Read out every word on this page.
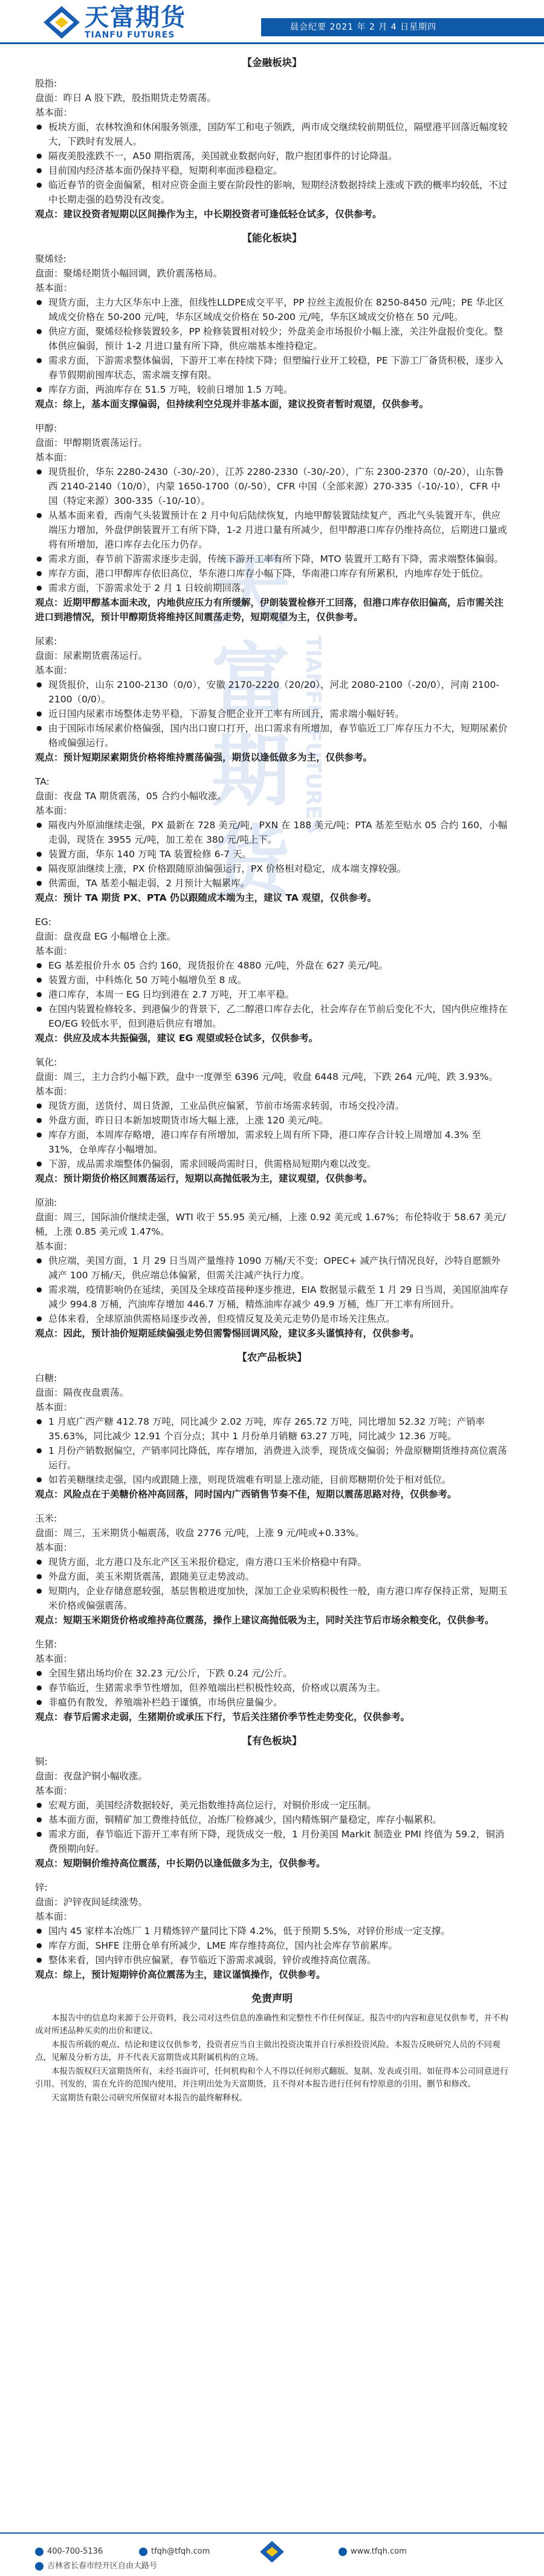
天富期货
TIANFU FUTURES
晨会纪要 2021 年 2 月 4 日星期四
天
富
期
货
TIANFU FUTURES
【金融板块】

股指:

盘面：昨日 A 股下跌，股指期货走势震荡。

基本面：

● 板块方面，农林牧渔和休闲服务领涨，国防军工和电子领跌，两市成交继续较前期低位，隔壁港平回落近幅度较大，下跌时有发展人。
● 隔夜美股涨跌不一，A50 期指震荡，美国就业数据向好，散户抱团事件的讨论降温。
● 目前国内经济基本面仍保持平稳，短期利率面涉稳稳定。
● 临近春节的资金面偏紧，相对应资金面主要在阶段性的影响，短期经济数据持续上涨或下跌的概率均较低，不过中长期走强的趋势没有改变。

观点：建议投资者短期以区间操作为主，中长期投资者可逢低轻仓试多，仅供参考。

【能化板块】

聚烯烃:

盘面：聚烯烃期货小幅回调，跌价震荡格局。

基本面：

● 现货方面，主力大区华东中上涨，但线性LLDPE成交平平，PP 拉丝主流报价在 8250-8450 元/吨；PE 华北区域成交价格在 50-200 元/吨，华东区域成交价格在 50-200 元/吨，华东区域成交价格在 50 元/吨。
● 供应方面，聚烯烃检修装置较多，PP 检修装置相对较少；外盘美金市场报价小幅上涨，关注外盘报价变化。整体供应偏弱，预计 1-2 月进口量有所下降，供应端基本维持稳定。
● 需求方面，下游需求整体偏弱，下游开工率在持续下降；但塑编行业开工较稳，PE 下游工厂备货积极，逐步入春节假期前囤库状态，需求端支撑有限。
● 库存方面，两油库存在 51.5 万吨，较前日增加 1.5 万吨。

观点：综上，基本面支撑偏弱，但持续利空兑现并非基本面，建议投资者暂时观望，仅供参考。

甲醇:

盘面：甲醇期货震荡运行。

基本面：

● 现货报价，华东 2280-2430（-30/-20），江苏 2280-2330（-30/-20），广东 2300-2370（0/-20），山东鲁西 2140-2140（10/0），内蒙 1650-1700（0/-50），CFR 中国（全部来源）270-335（-10/-10），CFR 中国（特定来源）300-335（-10/-10）。
● 从基本面来看，西南气头装置预计在 2 月中旬后陆续恢复，内地甲醇装置陆续复产，西北气头装置开车，供应端压力增加，外盘伊朗装置开工有所下降，1-2 月进口量有所减少，但甲醇港口库存仍维持高位，后期进口量或将有所增加，港口库存去化压力仍存。
● 需求方面，春节前下游需求逐步走弱，传统下游开工率有所下降，MTO 装置开工略有下降，需求端整体偏弱。
● 库存方面，港口甲醇库存依旧高位，华东港口库存小幅下降，华南港口库存有所累积，内地库存处于低位。
● 需求方面，下游需求处于 2 月 1 日较前期回落。

观点：近期甲醇基本面未改，内地供应压力有所缓解，伊朗装置检修开工回落，但港口库存依旧偏高，后市需关注进口到港情况，预计甲醇期货将维持区间震荡走势，短期观望为主，仅供参考。

尿素:

盘面：尿素期货震荡运行。

基本面：

● 现货报价，山东 2100-2130（0/0），安徽 2170-2220（20/20），河北 2080-2100（-20/0），河南 2100-2100（0/0）。
● 近日国内尿素市场整体走势平稳，下游复合肥企业开工率有所回升，需求端小幅好转。
● 由于国际市场尿素价格偏强，国内出口窗口打开，出口需求有所增加，春节临近工厂库存压力不大，短期尿素价格或偏强运行。

观点：预计短期尿素期货价格将维持震荡偏强，期货以逢低做多为主，仅供参考。

TA:

盘面：夜盘 TA 期货震荡，05 合约小幅收涨。

基本面：

● 隔夜内外原油继续走强，PX 最新在 728 美元/吨，PXN 在 188 美元/吨；PTA 基差至贴水 05 合约 160，小幅走弱，现货在 3955 元/吨，加工差在 380 元/吨上下。
● 装置方面，华东 140 万吨 TA 装置检修 6-7 天。
● 隔夜原油继续上涨，PX 价格跟随原油偏强运行，PX 价格相对稳定，成本端支撑较强。
● 供需面，TA 基差小幅走弱，2 月预计大幅累库。

观点：预计 TA 期货 PX、PTA 仍以跟随成本端为主，建议 TA 观望，仅供参考。

EG:

盘面：盘夜盘 EG 小幅增仓上涨。

基本面：

● EG 基差报价升水 05 合约 160，现货报价在 4880 元/吨，外盘在 627 美元/吨。
● 装置方面，中科炼化 50 万吨小幅增负至 8 成。
● 港口库存，本周一 EG 日均到港在 2.7 万吨，开工率平稳。
● 在国内装置检修较多、到港偏少的背景下，乙二醇港口库存去化，社会库存在节前后变化不大，国内供应维持在 EO/EG 较低水平，但到港后供应有增加。

观点：供应及成本共振偏强，建议 EG 观望或轻仓试多，仅供参考。

氧化:

盘面：周三，主力合约小幅下跌，盘中一度弹至 6396 元/吨，收盘 6448 元/吨，下跌 264 元/吨，跌 3.93%。

基本面：

● 现货方面，送货付、周日货源，工业品供应偏紧，节前市场需求转弱，市场交投冷清。
● 外盘方面，昨日日本新加坡期货市场大幅上涨，上涨 120 美元/吨。
● 库存方面，本周库存略增，港口库存有所增加，需求较上周有所下降，港口库存合计较上周增加 4.3% 至 31%，仓单库存小幅增加。
● 下游，成品需求端整体仍偏弱，需求回暖尚需时日，供需格局短期内难以改变。

观点：预计期货价格区间震荡运行，短期以高抛低吸为主，建议观望，仅供参考。

原油:

盘面：周三，国际油价继续走强，WTI 收于 55.95 美元/桶，上涨 0.92 美元或 1.67%；布伦特收于 58.67 美元/桶，上涨 0.85 美元或 1.47%。

基本面：

● 供应端，美国方面，1 月 29 日当周产量维持 1090 万桶/天不变；OPEC+ 减产执行情况良好，沙特自愿额外减产 100 万桶/天，供应端总体偏紧，但需关注减产执行力度。
● 需求端，疫情影响仍在延续，美国及全球疫苗接种逐步推进，EIA 数据显示截至 1 月 29 日当周，美国原油库存减少 994.8 万桶，汽油库存增加 446.7 万桶，精炼油库存减少 49.9 万桶，炼厂开工率有所回升。
● 总体来看，全球原油供需格局逐步改善，但疫情反复及美元走势仍是市场关注焦点。

观点：因此，预计油价短期延续偏强走势但需警惕回调风险，建议多头谨慎持有，仅供参考。

【农产品板块】

白糖:

盘面：隔夜夜盘震荡。

基本面：

● 1 月底广西产糖 412.78 万吨，同比减少 2.02 万吨，库存 265.72 万吨，同比增加 52.32 万吨；产销率 35.63%，同比减少 12.91 个百分点；其中 1 月份单月销糖 63.27 万吨，同比减少 12.36 万吨。
● 1 月份产销数据偏空，产销率同比降低，库存增加，消费进入淡季，现货成交偏弱；外盘原糖期货维持高位震荡运行。
● 如若美糖继续走强，国内或跟随上涨，则现货端难有明显上涨动能，目前郑糖期价处于相对低位。

观点：风险点在于美糖价格冲高回落，同时国内广西销售节奏不佳，短期以震荡思路对待，仅供参考。

玉米:

盘面：周三，玉米期货小幅震荡，收盘 2776 元/吨，上涨 9 元/吨或+0.33%。

基本面：

● 现货方面，北方港口及东北产区玉米报价稳定，南方港口玉米价格稳中有降。
● 外盘方面，美玉米期货震荡，跟随美豆走势波动。
● 短期内，企业存储意愿较强，基层售粮进度加快，深加工企业采购积极性一般，南方港口库存保持正常，短期玉米价格或偏强震荡。

观点：短期玉米期货价格或维持高位震荡，操作上建议高抛低吸为主，同时关注节后市场余粮变化，仅供参考。

生猪:

基本面：

● 全国生猪出场均价在 32.23 元/公斤，下跌 0.24 元/公斤。
● 春节临近，生猪需求季节性增加，但养殖端出栏积极性较高，价格或以震荡为主。
● 非瘟仍有散发，养殖端补栏趋于谨慎，市场供应量偏少。

观点：春节后需求走弱，生猪期价或承压下行，节后关注猪价季节性走势变化，仅供参考。

【有色板块】

铜:

盘面：夜盘沪铜小幅收涨。

基本面：

● 宏观方面，美国经济数据较好，美元指数维持高位运行，对铜价形成一定压制。
● 基本面方面，铜精矿加工费维持低位，冶炼厂检修减少，国内精炼铜产量稳定，库存小幅累积。
● 需求方面，春节临近下游开工率有所下降，现货成交一般，1 月份美国 Markit 制造业 PMI 终值为 59.2，铜消费预期向好。

观点：短期铜价维持高位震荡，中长期仍以逢低做多为主，仅供参考。

锌:

盘面：沪锌夜间延续涨势。

基本面：

● 国内 45 家样本冶炼厂 1 月精炼锌产量同比下降 4.2%，低于预期 5.5%，对锌价形成一定支撑。
● 库存方面，SHFE 注册仓单有所减少，LME 库存维持高位，国内社会库存节前累库。
● 整体来看，国内锌市供应偏紧，春节临近下游需求减弱，锌价或维持高位震荡。

观点：综上，预计短期锌价高位震荡为主，建议谨慎操作，仅供参考。

免责声明

本报告中的信息均来源于公开资料，我公司对这些信息的准确性和完整性不作任何保证。报告中的内容和意见仅供参考，并不构成对所述品种买卖的出价和建议。

本报告所载的观点、结论和建议仅供参考，投资者应当自主做出投资决策并自行承担投资风险。本报告反映研究人员的不同观点，见解及分析方法，并不代表天富期货或其附属机构的立场。

本报告版权归天富期货所有，未经书面许可，任何机构和个人不得以任何形式翻版、复制、发表或引用。如征得本公司同意进行引用、刊发的，需在允许的范围内使用，并注明出处为天富期货，且不得对本报告进行任何有悖原意的引用、删节和修改。

天富期货有限公司研究所保留对本报告的最终解释权。

400-700-5136	tfqh@tfqh.com	www.tfqh.com
吉林省长春市经开区自由大路号
